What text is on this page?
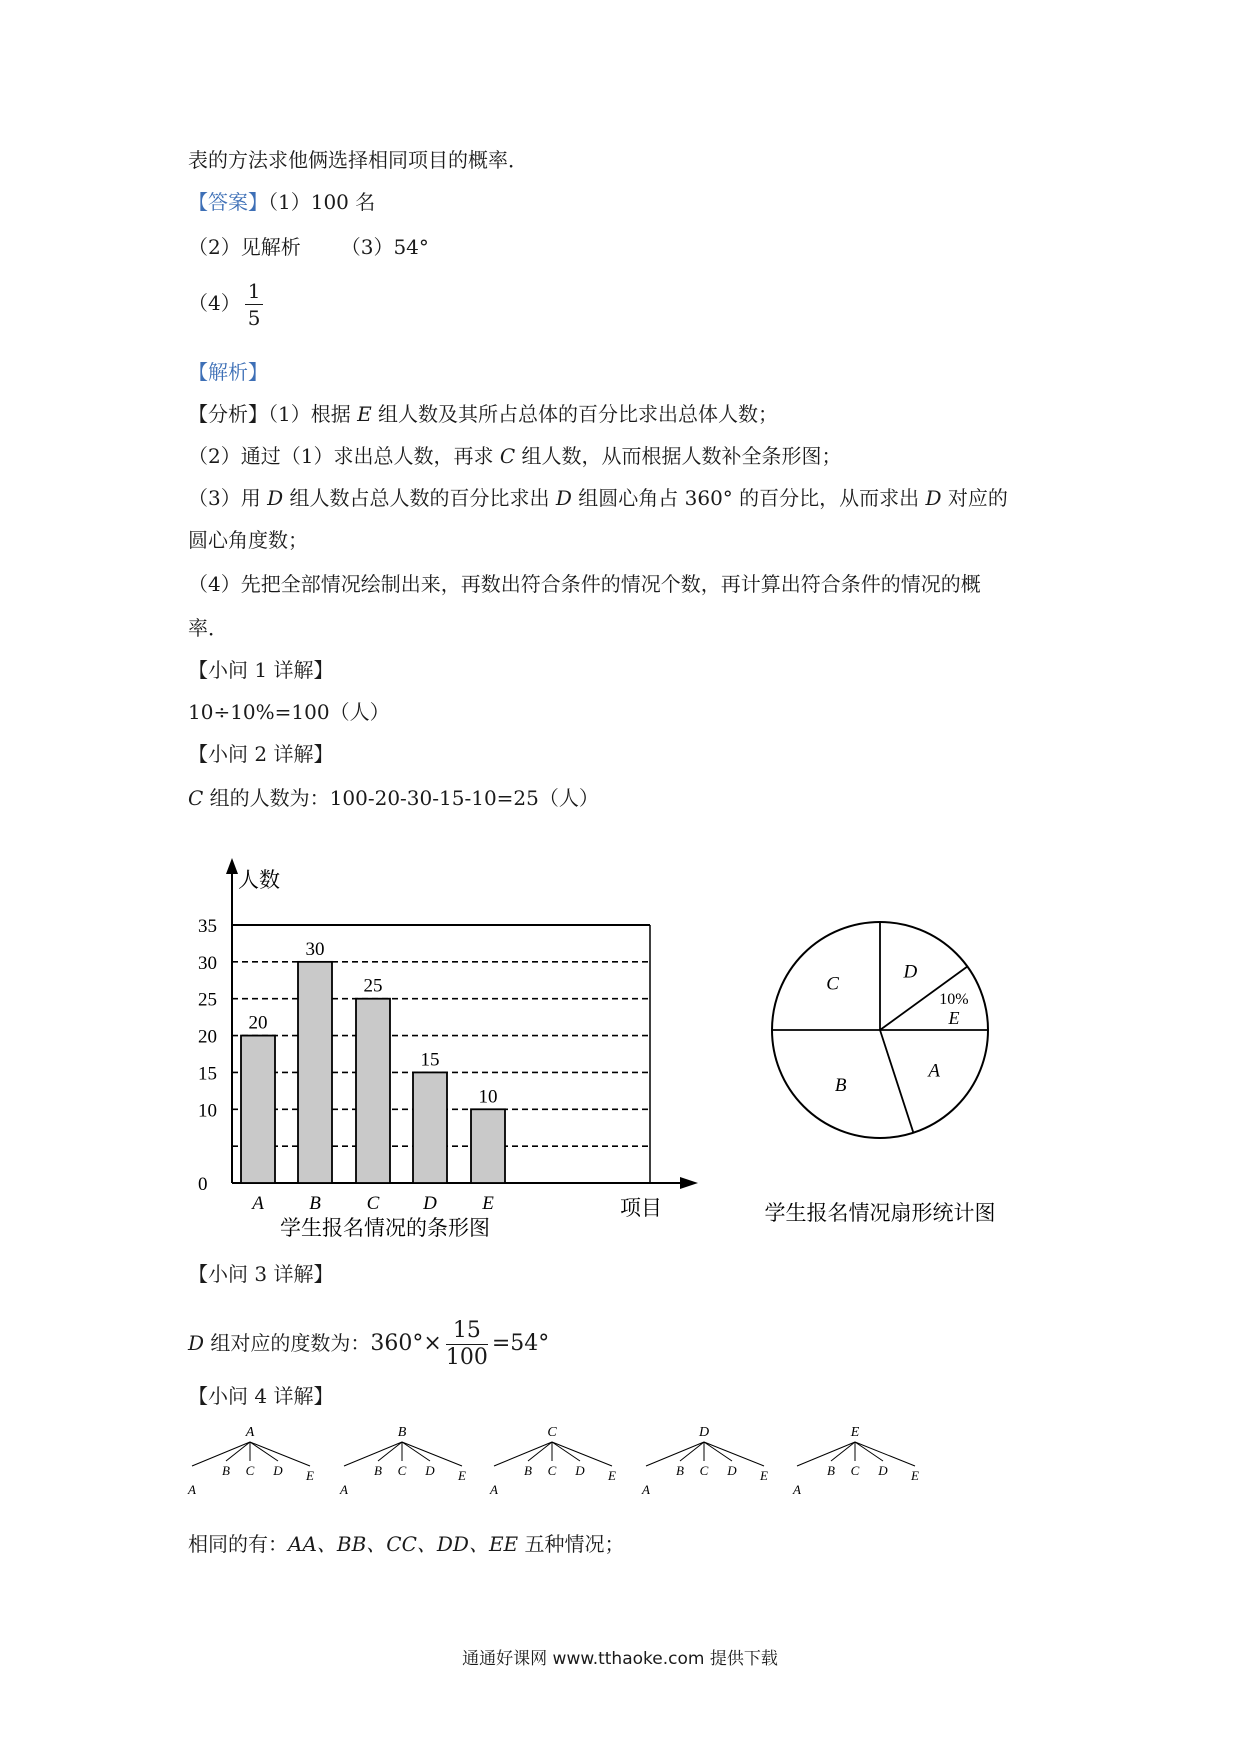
表的方法求他俩选择相同项目的概率．
【答案】（1）100 名
（2）见解析 （3）54°
$(4) \frac{1}{5}$
【解析】
【分析】（1）根据 E 组人数及其所占总体的百分比求出总体人数；
（2）通过（1）求出总人数，再求 C 组人数，从而根据人数补全条形图；
（3）用 D 组人数占总人数的百分比求出 D 组圆心角占 360° 的百分比，从而求出 D 对应的
圆心角度数；
（4）先把全部情况绘制出来，再数出符合条件的情况个数，再计算出符合条件的情况的概
率．
【小问 1 详解】
10÷10%=100（人）
【小问 2 详解】
C 组的人数为：100-20-30-15-10=25（人）
0
10
15
20
25
30
35
人数
项目
20
A
30
B
25
C
15
D
10
E
学生报名情况的条形图
D
10%
E
A
B
C
学生报名情况扇形统计图
【小问 3 详解】
D 组对应的度数为：$360^\circ\times \frac{15}{100} =54^\circ$
【小问 4 详解】
A
A
B C D E
B
A
B C D E
C
A
B C D E
D
A
B C D E
E
A
B C D E
相同的有：AA、BB、CC、DD、EE 五种情况；
通通好课网 www.tthaoke.com 提供下载
